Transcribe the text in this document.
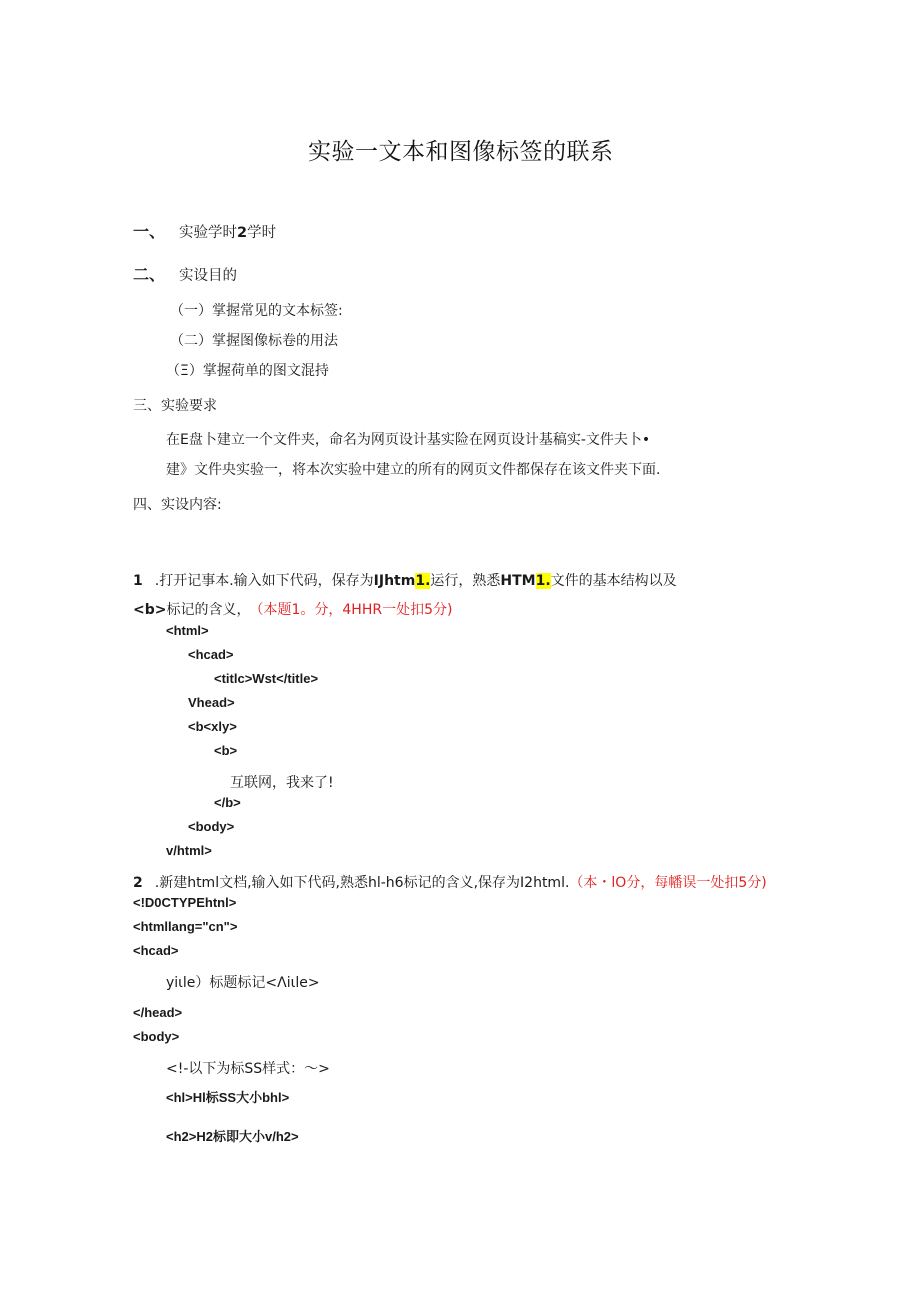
实验一文本和图像标签的联系
一、 实验学时2学时
二、 实设目的
（一）掌握常见的文本标签:
（二）掌握图像标卷的用法
（Ξ）掌握荷单的图文混持
三、实验要求
在E盘卜建立一个文件夹，命名为网页设计基实险在网页设计基稿实-文件夫卜•
建》文件央实验一，将本次实验中建立的所有的网页文件都保存在该文件夹下面.
四、实设内容:
1 .打开记事本.输入如下代码，保存为IJhtm1.运行，熟悉HTM1.文件的基本结构以及
<b>标记的含义， （本题1。分，4HHR一处扣5分)
<html>
<hcad>
<titlc>Wst</title>
Vhead>
<b<xly>
<b>
互联网，我来了!
</b>
<body>
v/html>
2 .新建html文档,输入如下代码,熟悉hl-h6标记的含义,保存为I2html.（本・lO分，每幡误一处扣5分)
<!D0CTYPEhtnl>
<htmllang="cn">
<hcad>
yiιle）标题标记<Λiιle>
</head>
<body>
<!-以下为标SS样式：～>
<hl>Hl标SS大小bhl>
<h2>H2标即大小v/h2>
